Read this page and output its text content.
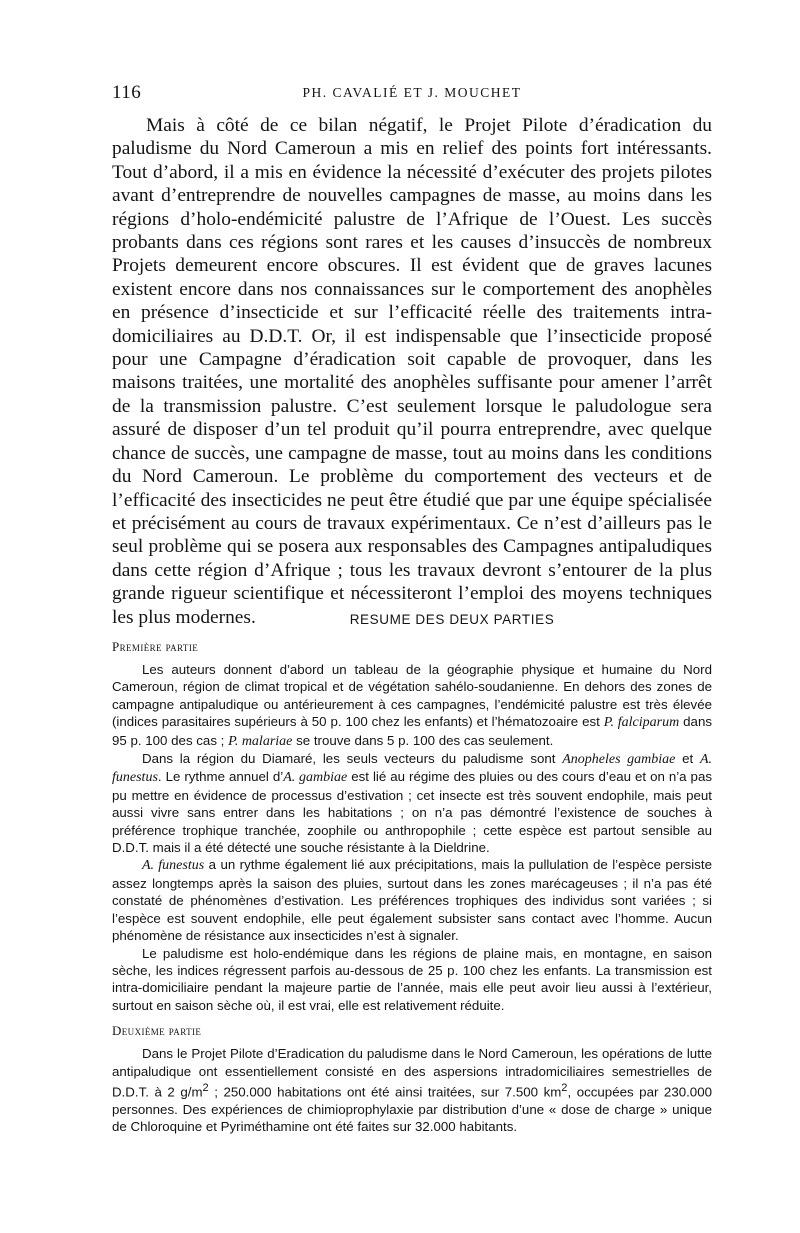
116	PH. CAVALIÉ ET J. MOUCHET

Mais à côté de ce bilan négatif, le Projet Pilote d’éradication du paludisme du Nord Cameroun a mis en relief des points fort intéressants. Tout d’abord, il a mis en évidence la nécessité d’exécuter des projets pilotes avant d’entreprendre de nouvelles campagnes de masse, au moins dans les régions d’holo-endémicité palustre de l’Afrique de l’Ouest. Les succès probants dans ces régions sont rares et les causes d’insuccès de nombreux Projets demeurent encore obscures. Il est évident que de graves lacunes existent encore dans nos connaissances sur le comportement des anophèles en présence d’insecticide et sur l’efficacité réelle des traitements intra-domiciliaires au D.D.T. Or, il est indispensable que l’insecticide proposé pour une Campagne d’éradication soit capable de provoquer, dans les maisons traitées, une mortalité des anophèles suffisante pour amener l’arrêt de la transmission palustre. C’est seulement lorsque le paludologue sera assuré de disposer d’un tel produit qu’il pourra entreprendre, avec quelque chance de succès, une campagne de masse, tout au moins dans les conditions du Nord Cameroun. Le problème du comportement des vecteurs et de l’efficacité des insecticides ne peut être étudié que par une équipe spécialisée et précisément au cours de travaux expérimentaux. Ce n’est d’ailleurs pas le seul problème qui se posera aux responsables des Campagnes antipaludiques dans cette région d’Afrique ; tous les travaux devront s’entourer de la plus grande rigueur scientifique et nécessiteront l’emploi des moyens techniques les plus modernes.	RESUME DES DEUX PARTIES
Première partie

Les auteurs donnent d’abord un tableau de la géographie physique et humaine du Nord Cameroun, région de climat tropical et de végétation sahélo-soudanienne. En dehors des zones de campagne antipaludique ou antérieurement à ces campagnes, l’endémicité palustre est très élevée (indices parasitaires supérieurs à 50 p. 100 chez les enfants) et l’hématozoaire est P. falciparum dans 95 p. 100 des cas ; P. malariae se trouve dans 5 p. 100 des cas seulement.

Dans la région du Diamaré, les seuls vecteurs du paludisme sont Anopheles gambiae et A. funestus. Le rythme annuel d’A. gambiae est lié au régime des pluies ou des cours d’eau et on n’a pas pu mettre en évidence de processus d’estivation ; cet insecte est très souvent endophile, mais peut aussi vivre sans entrer dans les habitations ; on n’a pas démontré l’existence de souches à préférence trophique tranchée, zoophile ou anthropophile ; cette espèce est partout sensible au D.D.T. mais il a été détecté une souche résistante à la Dieldrine.

A. funestus a un rythme également lié aux précipitations, mais la pullulation de l’espèce persiste assez longtemps après la saison des pluies, surtout dans les zones marécageuses ; il n’a pas été constaté de phénomènes d’estivation. Les préférences trophiques des individus sont variées ; si l’espèce est souvent endophile, elle peut également subsister sans contact avec l’homme. Aucun phénomène de résistance aux insecticides n’est à signaler.

Le paludisme est holo-endémique dans les régions de plaine mais, en montagne, en saison sèche, les indices régressent parfois au-dessous de 25 p. 100 chez les enfants. La transmission est intra-domiciliaire pendant la majeure partie de l’année, mais elle peut avoir lieu aussi à l’extérieur, surtout en saison sèche où, il est vrai, elle est relativement réduite.

Deuxième partie

Dans le Projet Pilote d’Eradication du paludisme dans le Nord Cameroun, les opérations de lutte antipaludique ont essentiellement consisté en des aspersions intradomiciliaires semestrielles de D.D.T. à 2 $g/m^2$ ; 250.000 habitations ont été ainsi traitées, sur 7.500 $km^2$, occupées par 230.000 personnes. Des expériences de chimioprophylaxie par distribution d’une « dose de charge » unique de Chloroquine et Pyriméthamine ont été faites sur 32.000 habitants.
